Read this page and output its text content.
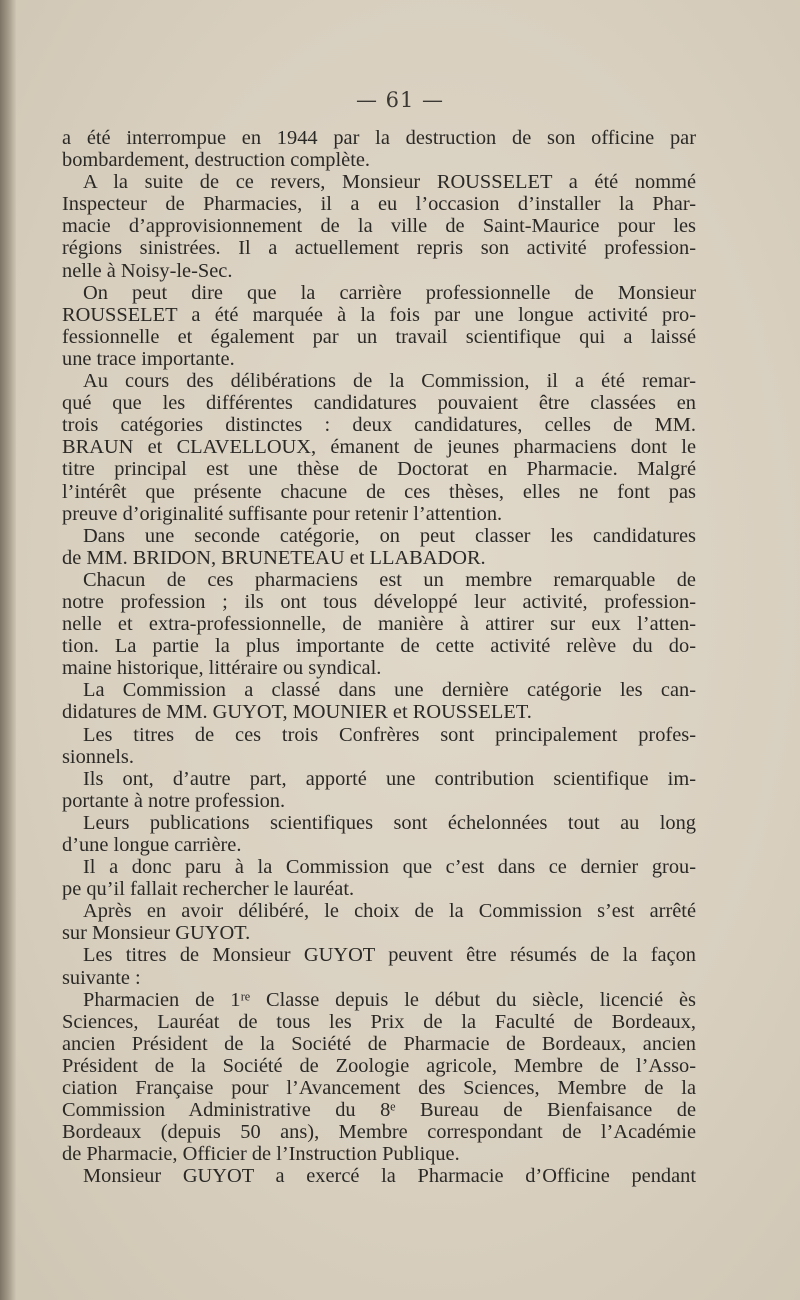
— 61 —
a été interrompue en 1944 par la destruction de son officine par
bombardement, destruction complète.
A la suite de ce revers, Monsieur ROUSSELET a été nommé
Inspecteur de Pharmacies, il a eu l’occasion d’installer la Phar-
macie d’approvisionnement de la ville de Saint-Maurice pour les
régions sinistrées. Il a actuellement repris son activité profession-
nelle à Noisy-le-Sec.
On peut dire que la carrière professionnelle de Monsieur
ROUSSELET a été marquée à la fois par une longue activité pro-
fessionnelle et également par un travail scientifique qui a laissé
une trace importante.
Au cours des délibérations de la Commission, il a été remar-
qué que les différentes candidatures pouvaient être classées en
trois catégories distinctes : deux candidatures, celles de MM.
BRAUN et CLAVELLOUX, émanent de jeunes pharmaciens dont le
titre principal est une thèse de Doctorat en Pharmacie. Malgré
l’intérêt que présente chacune de ces thèses, elles ne font pas
preuve d’originalité suffisante pour retenir l’attention.
Dans une seconde catégorie, on peut classer les candidatures
de MM. BRIDON, BRUNETEAU et LLABADOR.
Chacun de ces pharmaciens est un membre remarquable de
notre profession ; ils ont tous développé leur activité, profession-
nelle et extra-professionnelle, de manière à attirer sur eux l’atten-
tion. La partie la plus importante de cette activité relève du do-
maine historique, littéraire ou syndical.
La Commission a classé dans une dernière catégorie les can-
didatures de MM. GUYOT, MOUNIER et ROUSSELET.
Les titres de ces trois Confrères sont principalement profes-
sionnels.
Ils ont, d’autre part, apporté une contribution scientifique im-
portante à notre profession.
Leurs publications scientifiques sont échelonnées tout au long
d’une longue carrière.
Il a donc paru à la Commission que c’est dans ce dernier grou-
pe qu’il fallait rechercher le lauréat.
Après en avoir délibéré, le choix de la Commission s’est arrêté
sur Monsieur GUYOT.
Les titres de Monsieur GUYOT peuvent être résumés de la façon
suivante :
Pharmacien de 1ʳᵉ Classe depuis le début du siècle, licencié ès
Sciences, Lauréat de tous les Prix de la Faculté de Bordeaux,
ancien Président de la Société de Pharmacie de Bordeaux, ancien
Président de la Société de Zoologie agricole, Membre de l’Asso-
ciation Française pour l’Avancement des Sciences, Membre de la
Commission Administrative du 8ᵉ Bureau de Bienfaisance de
Bordeaux (depuis 50 ans), Membre correspondant de l’Académie
de Pharmacie, Officier de l’Instruction Publique.
Monsieur GUYOT a exercé la Pharmacie d’Officine pendant
